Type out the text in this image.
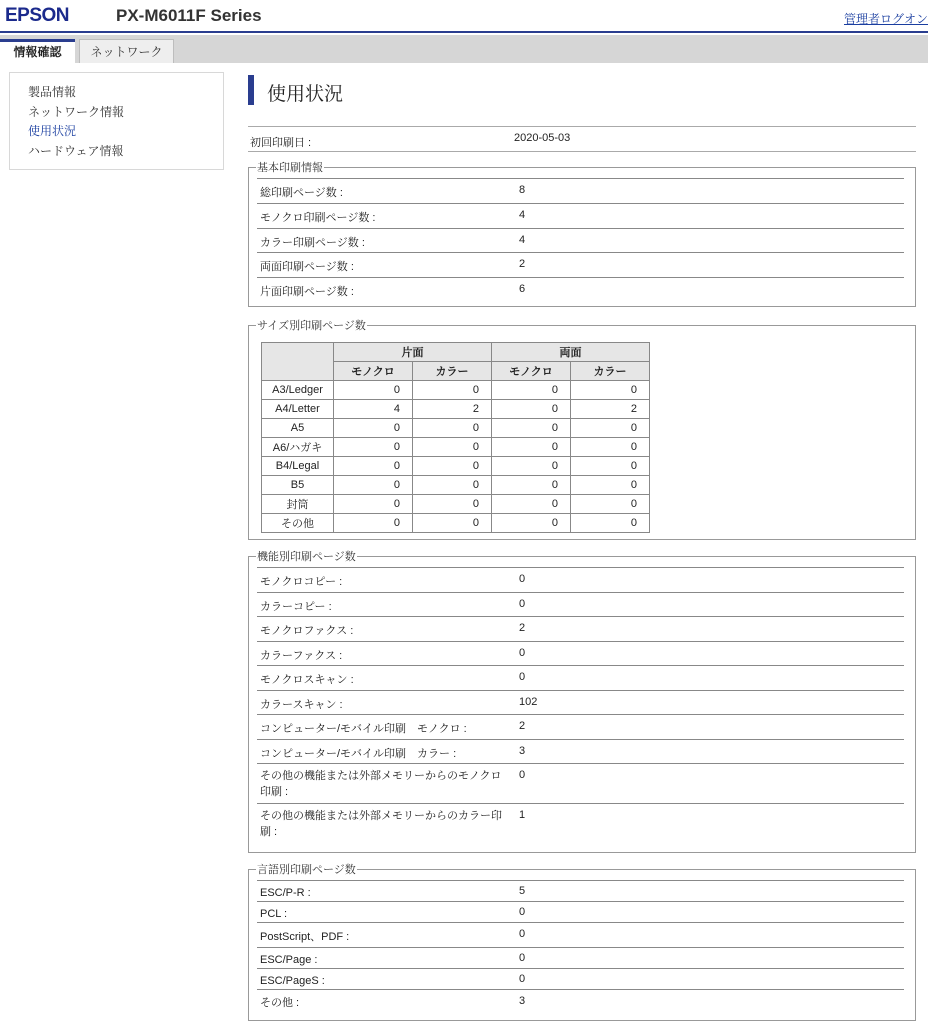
EPSON	PX-M6011F Series	管理者ログオン
情報確認	ネットワーク
製品情報
ネットワーク情報
使用状況
ハードウェア情報
使用状況
初回印刷日 :	2020-05-03
基本印刷情報
総印刷ページ数 :	8
モノクロ印刷ページ数 :	4
カラー印刷ページ数 :	4
両面印刷ページ数 :	2
片面印刷ページ数 :	6
サイズ別印刷ページ数
	片面		両面	
	モノクロ	カラー	モノクロ	カラー
A3/Ledger	0	0	0	0
A4/Letter	4	2	0	2
A5	0	0	0	0
A6/ハガキ	0	0	0	0
B4/Legal	0	0	0	0
B5	0	0	0	0
封筒	0	0	0	0
その他	0	0	0	0
機能別印刷ページ数
モノクロコピー :	0
カラーコピー :	0
モノクロファクス :	2
カラーファクス :	0
モノクロスキャン :	0
カラースキャン :	102
コンピューター/モバイル印刷　モノクロ :	2
コンピューター/モバイル印刷　カラー :	3
その他の機能または外部メモリーからのモノクロ印刷 :
0
その他の機能または外部メモリーからのカラー印刷 :
1
言語別印刷ページ数
ESC/P-R :	5
PCL :	0
PostScript、PDF :	0
ESC/Page :	0
ESC/PageS :	0
その他 :	3
